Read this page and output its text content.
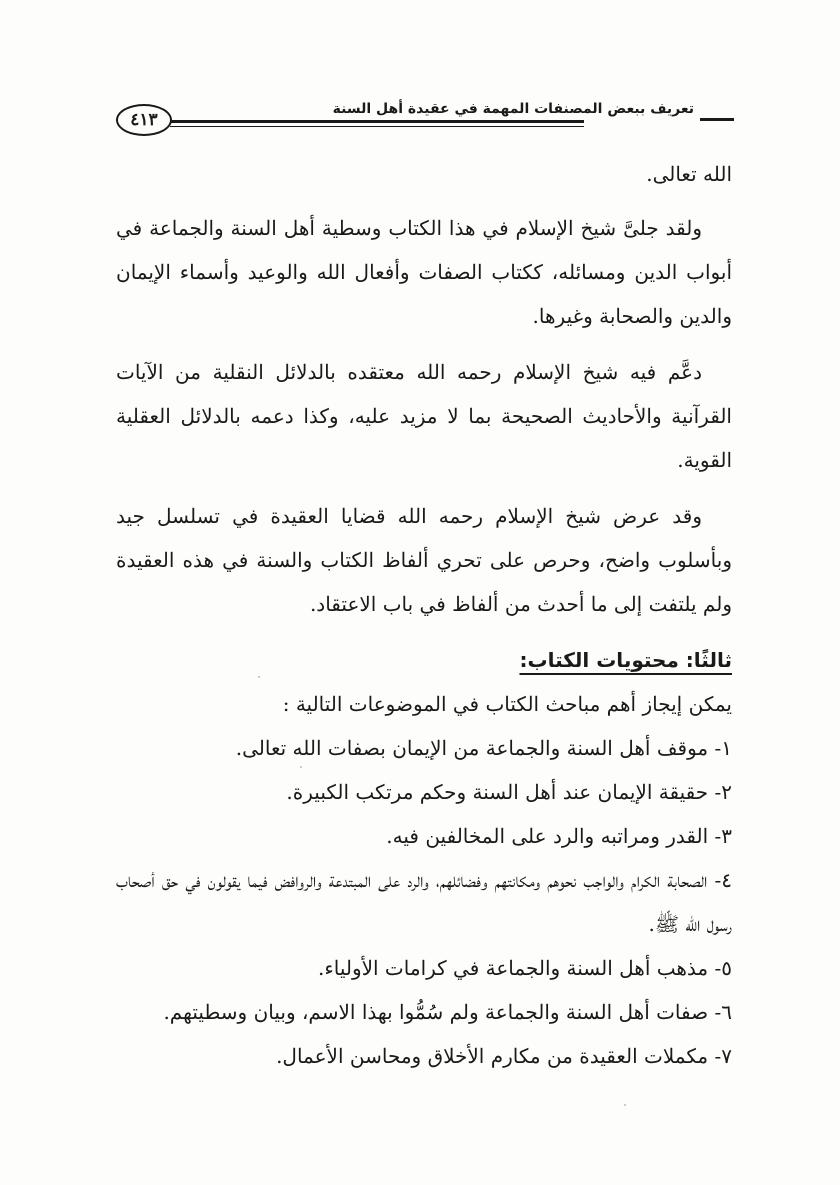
تعريف ببعض المصنفات المهمة في عقيدة أهل السنة
٤١٣

الله تعالى.

ولقد جلىَّ شيخ الإسلام في هذا الكتاب وسطية أهل السنة والجماعة في أبواب الدين ومسائله، ككتاب الصفات وأفعال الله والوعيد وأسماء الإيمان والدين والصحابة وغيرها.

دعَّم فيه شيخ الإسلام رحمه الله معتقده بالدلائل النقلية من الآيات القرآنية والأحاديث الصحيحة بما لا مزيد عليه، وكذا دعمه بالدلائل العقلية القوية.

وقد عرض شيخ الإسلام رحمه الله قضايا العقيدة في تسلسل جيد وبأسلوب واضح، وحرص على تحري ألفاظ الكتاب والسنة في هذه العقيدة ولم يلتفت إلى ما أحدث من ألفاظ في باب الاعتقاد.

ثالثًا: محتويات الكتاب:
يمكن إيجاز أهم مباحث الكتاب في الموضوعات التالية :
١- موقف أهل السنة والجماعة من الإيمان بصفات الله تعالى.
٢- حقيقة الإيمان عند أهل السنة وحكم مرتكب الكبيرة.
٣- القدر ومراتبه والرد على المخالفين فيه.
٤- الصحابة الكرام والواجب نحوهم ومكانتهم وفضائلهم، والرد على المبتدعة والروافض فيما يقولون في حق أصحاب رسول الله ﷺ.
٥- مذهب أهل السنة والجماعة في كرامات الأولياء.
٦- صفات أهل السنة والجماعة ولم سُمُّوا بهذا الاسم، وبيان وسطيتهم.
٧- مكملات العقيدة من مكارم الأخلاق ومحاسن الأعمال.
